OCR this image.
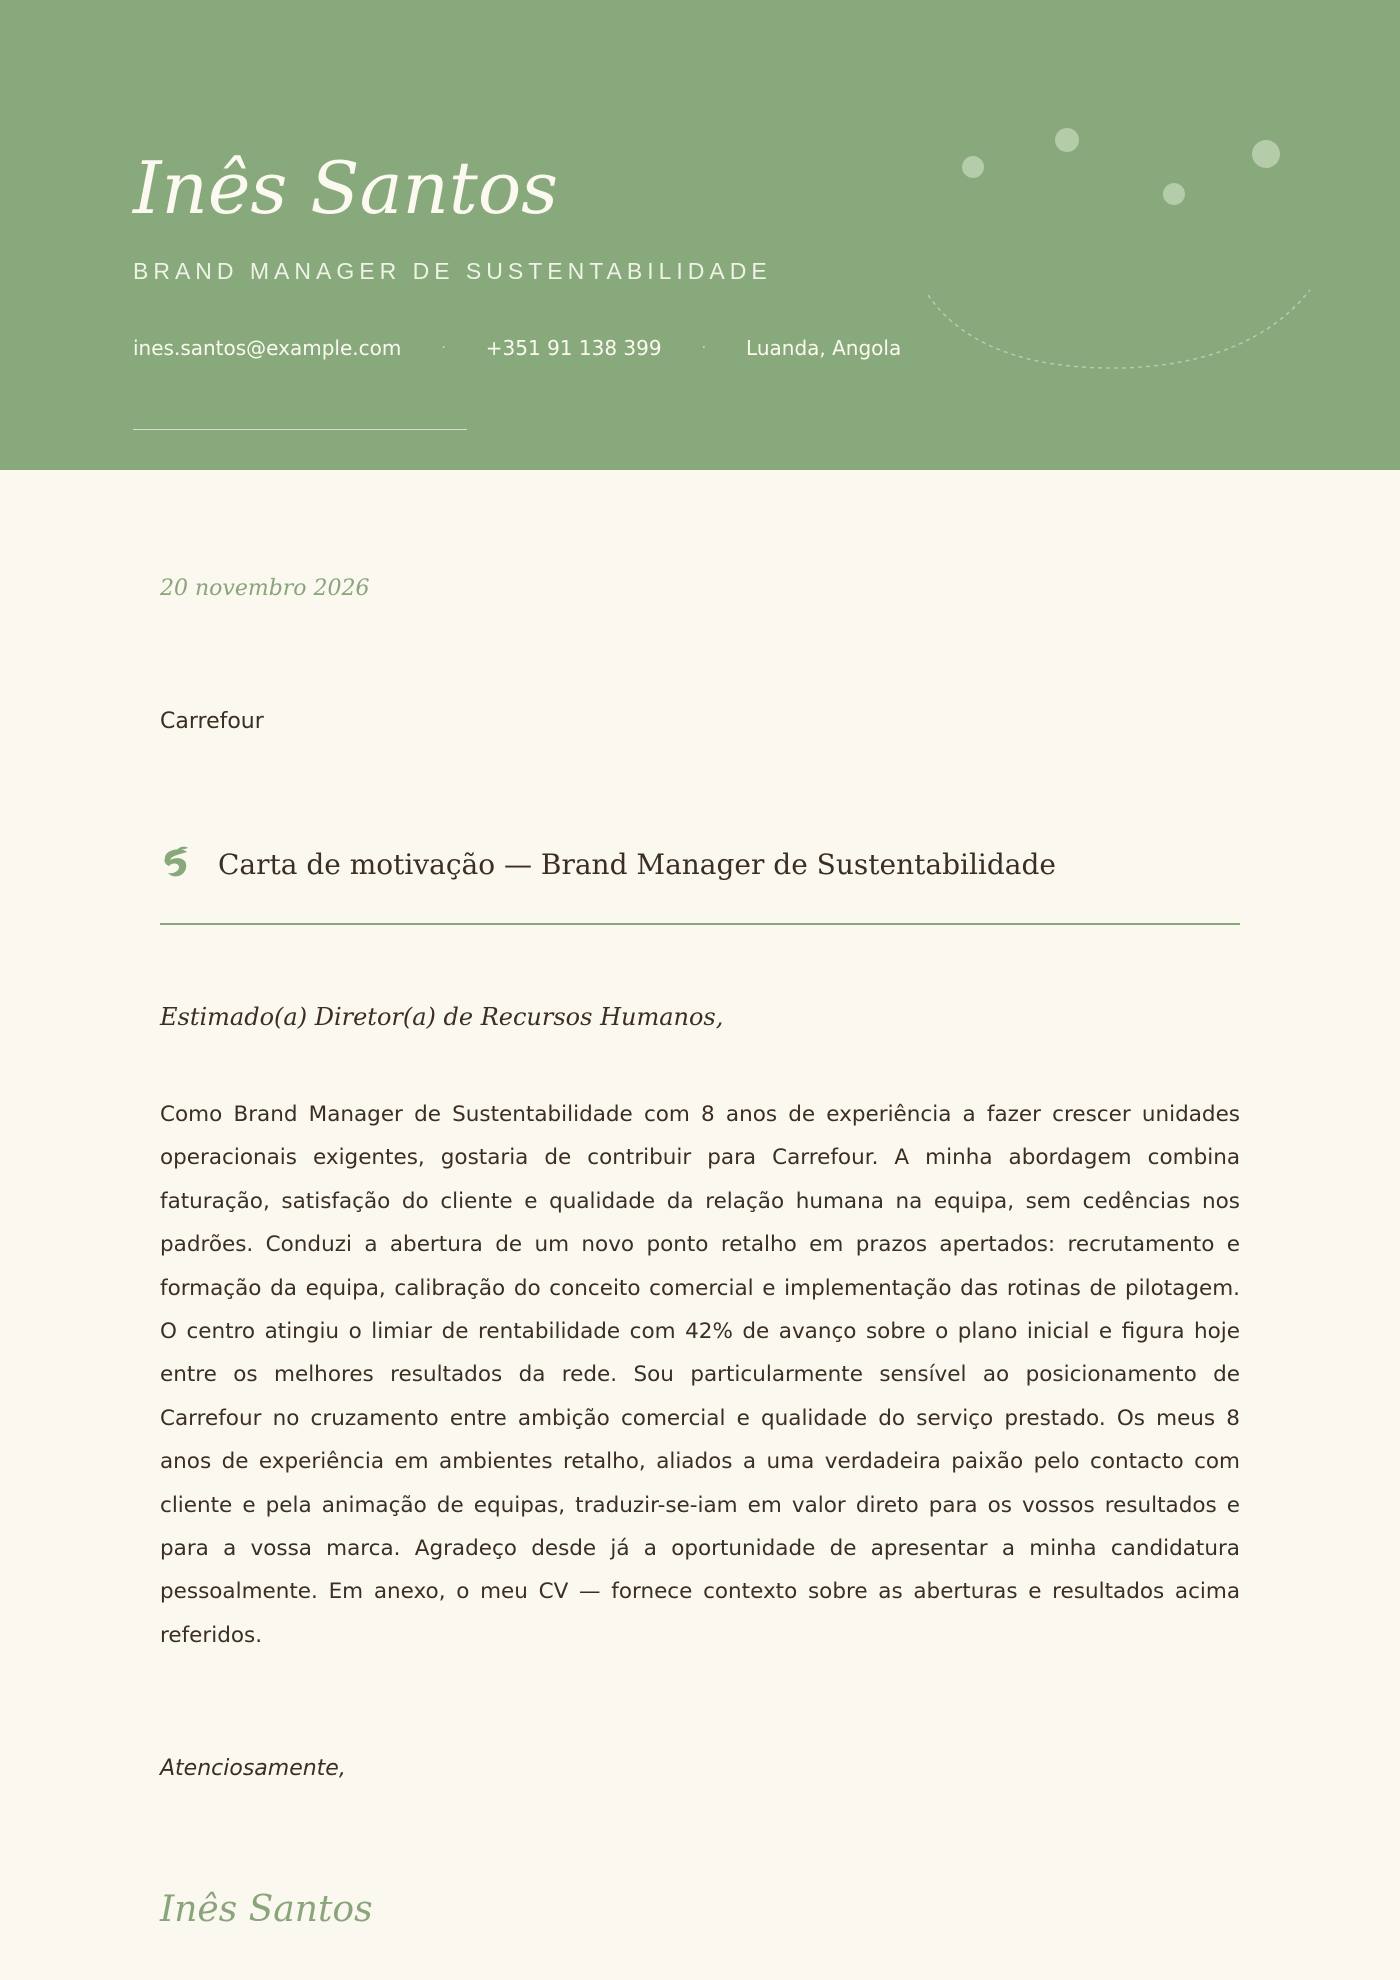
Inês Santos
BRAND MANAGER DE SUSTENTABILIDADE
ines.santos@example.com	· +351 91 138 399	· Luanda, Angola
20 novembro 2026
Carrefour
Carta de motivação — Brand Manager de Sustentabilidade
Estimado(a) Diretor(a) de Recursos Humanos,

Como Brand Manager de Sustentabilidade com 8 anos de experiência a fazer crescer unidades operacionais exigentes, gostaria de contribuir para Carrefour. A minha abordagem combina faturação, satisfação do cliente e qualidade da relação humana na equipa, sem cedências nos padrões. Conduzi a abertura de um novo ponto retalho em prazos apertados: recrutamento e formação da equipa, calibração do conceito comercial e implementação das rotinas de pilotagem. O centro atingiu o limiar de rentabilidade com 42% de avanço sobre o plano inicial e figura hoje entre os melhores resultados da rede. Sou particularmente sensível ao posicionamento de Carrefour no cruzamento entre ambição comercial e qualidade do serviço prestado. Os meus 8 anos de experiência em ambientes retalho, aliados a uma verdadeira paixão pelo contacto com cliente e pela animação de equipas, traduzir-se-iam em valor direto para os vossos resultados e para a vossa marca. Agradeço desde já a oportunidade de apresentar a minha candidatura pessoalmente. Em anexo, o meu CV — fornece contexto sobre as aberturas e resultados acima referidos.

Atenciosamente,
Inês Santos
